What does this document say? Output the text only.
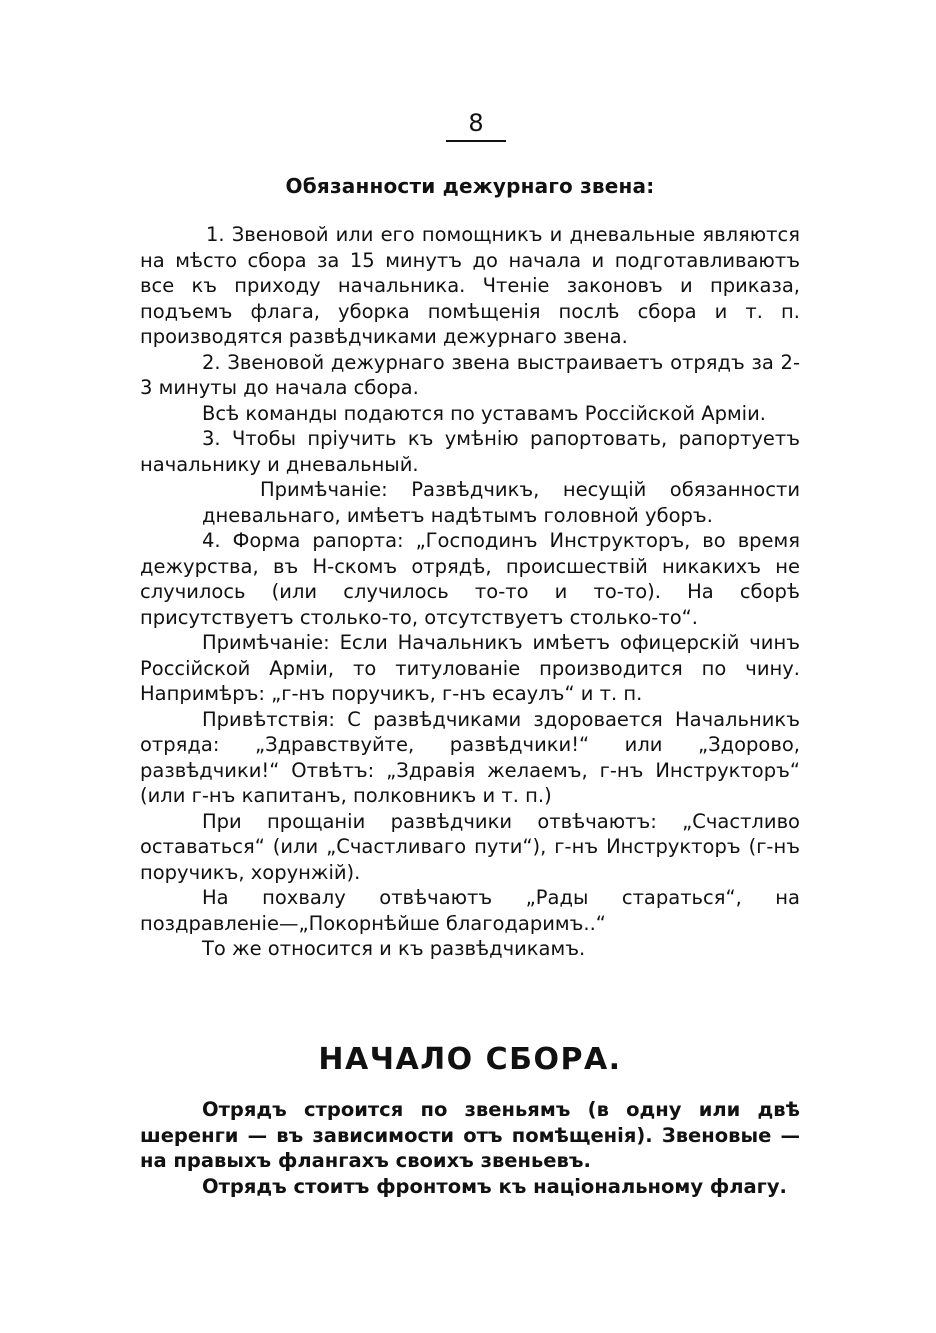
8
Обязанности дежурнаго звена:

1. Звеновой или его помощникъ и дневальные являются на мѣсто сбора за 15 минутъ до начала и подготавливаютъ все къ приходу начальника. Чтеніе законовъ и приказа, подъемъ флага, уборка помѣщенія послѣ сбора и т. п. производятся развѣдчиками дежурнаго звена.

2. Звеновой дежурнаго звена выстраиваетъ отрядъ за 2-3 минуты до начала сбора.

Всѣ команды подаются по уставамъ Россійской Арміи.

3. Чтобы пріучить къ умѣнію рапортовать, рапортуетъ начальнику и дневальный.

Примѣчаніе: Развѣдчикъ, несущій обязанности дневальнаго, имѣетъ надѣтымъ головной уборъ.

4. Форма рапорта: „Господинъ Инструкторъ, во время дежурства, въ Н-скомъ отрядѣ, происшествій никакихъ не случилось (или случилось то-то и то-то). На сборѣ присутствуетъ столько-то, отсутствуетъ столько-то“.

Примѣчаніе: Если Начальникъ имѣетъ офицерскій чинъ Россійской Арміи, то титулованіе производится по чину. Напримѣръ: „г-нъ поручикъ, г-нъ есаулъ“ и т. п.

Привѣтствія: С развѣдчиками здоровается Начальникъ отряда: „Здравствуйте, развѣдчики!“ или „Здорово, развѣдчики!“ Отвѣтъ: „Здравія желаемъ, г-нъ Инструкторъ“ (или г-нъ капитанъ, полковникъ и т. п.)

При прощаніи развѣдчики отвѣчаютъ: „Счастливо оставаться“ (или „Счастливаго пути“), г-нъ Инструкторъ (г-нъ поручикъ, хорунжій).

На похвалу отвѣчаютъ „Рады стараться“, на поздравленіе—„Покорнѣйше благодаримъ..“

То же относится и къ развѣдчикамъ.

НАЧАЛО СБОРА.

Отрядъ строится по звеньямъ (в одну или двѣ шеренги — въ зависимости отъ помѣщенія). Звеновые — на правыхъ флангахъ своихъ звеньевъ.

Отрядъ стоитъ фронтомъ къ національному флагу.
